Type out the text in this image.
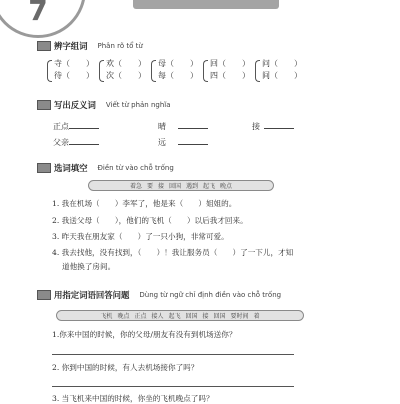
7
辨字组词 Phân rõ tổ từ
寺（　　）
待（　　）
欢（　　）
次（　　）
母（　　）
每（　　）
回（　　）
四（　　）
问（　　）
间（　　）
写出反义词 Viết từ phản nghĩa
正点	晴	接
父亲	远
选词填空 Điền từ vào chỗ trống
着急 要 接 回国 遇到 起飞 晚点
1. 我在机场（　　）李军了，他是来（　　）姐姐的。
2. 我送父母（　　），他们的飞机（　　）以后我才回来。
3. 昨天我在朋友家（　　）了一只小狗，非常可爱。
4. 我去找他，没有找到，（　　）！我让服务员（　　）了一下儿，才知
　 道他换了房间。
用指定词语回答问题 Dùng từ ngữ chỉ định điền vào chỗ trống
飞机 晚点 正点 接人 起飞 回国 接 回国 要时间 着
1.你来中国的时候，你的父母/朋友有没有到机场送你？
2. 你到中国的时候，有人去机场接你了吗？
3. 当飞机来中国的时候，你坐的飞机晚点了吗？
